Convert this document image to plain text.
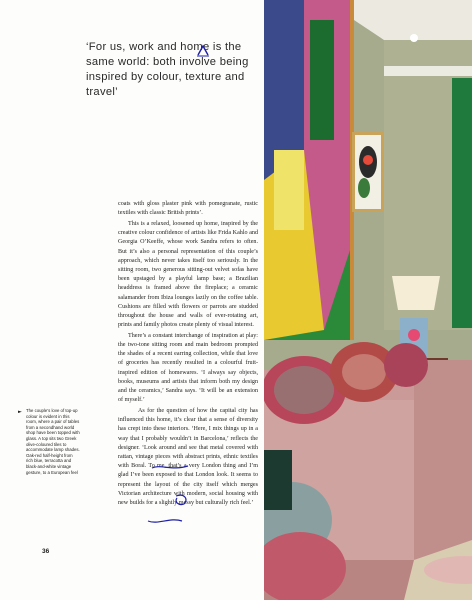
‘For us, work and home is the
same world: both involve being
inspired by colour, texture and
travel’

coats with gloss plaster pink with pomegranate, rustic textiles with classic British prints’.

This is a relaxed, loosened up home, inspired by the creative colour confidence of artists like Frida Kahlo and Georgia O’Keeffe, whose work Sandra refers to often. But it’s also a personal representation of this couple’s approach, which never takes itself too seriously. In the sitting room, two generous sitting-out velvet sofas have been upstaged by a playful lamp base; a Brazilian headdress is framed above the fireplace; a ceramic salamander from Ibiza lounges lazily on the coffee table. Cushions are filled with flowers or parrots are studded throughout the house and walls of ever-rotating art, prints and family photos create plenty of visual interest.

There’s a constant interchange of inspiration at play: the two-tone sitting room and main bedroom prompted the shades of a recent earring collection, while that love of groceries has recently resulted in a colourful fruit-inspired edition of homewares. ‘I always say objects, books, museums and artists that inform both my design and the ceramics,’ Sandra says. ‘It will be an extension of myself.’

As for the question of how the capital city has influenced this home, it’s clear that a sense of diversity has crept into these interiors. ‘Here, I mix things up in a way that I probably wouldn’t in Barcelona,’ reflects the designer. ‘Look around and see that metal covered with rattan, vintage pieces with abstract prints, ethnic textiles with Boral. To me, that’s a very London thing and I’m glad I’ve been exposed to that London look. It seems to represent the layout of the city itself which merges Victorian architecture with modern, social housing with new builds for a slightly messy but culturally rich feel.’

► The couple’s love of top-up colour is evident in this room, where a pair of tables from a secondhand world shop have been topped with glass. A top sits two Greek olive-coloured tiles to accommodate lamp shades. Oak-red half-height from rich blue, terracotta and black-and-white vintage gesture, to a European feel
36
